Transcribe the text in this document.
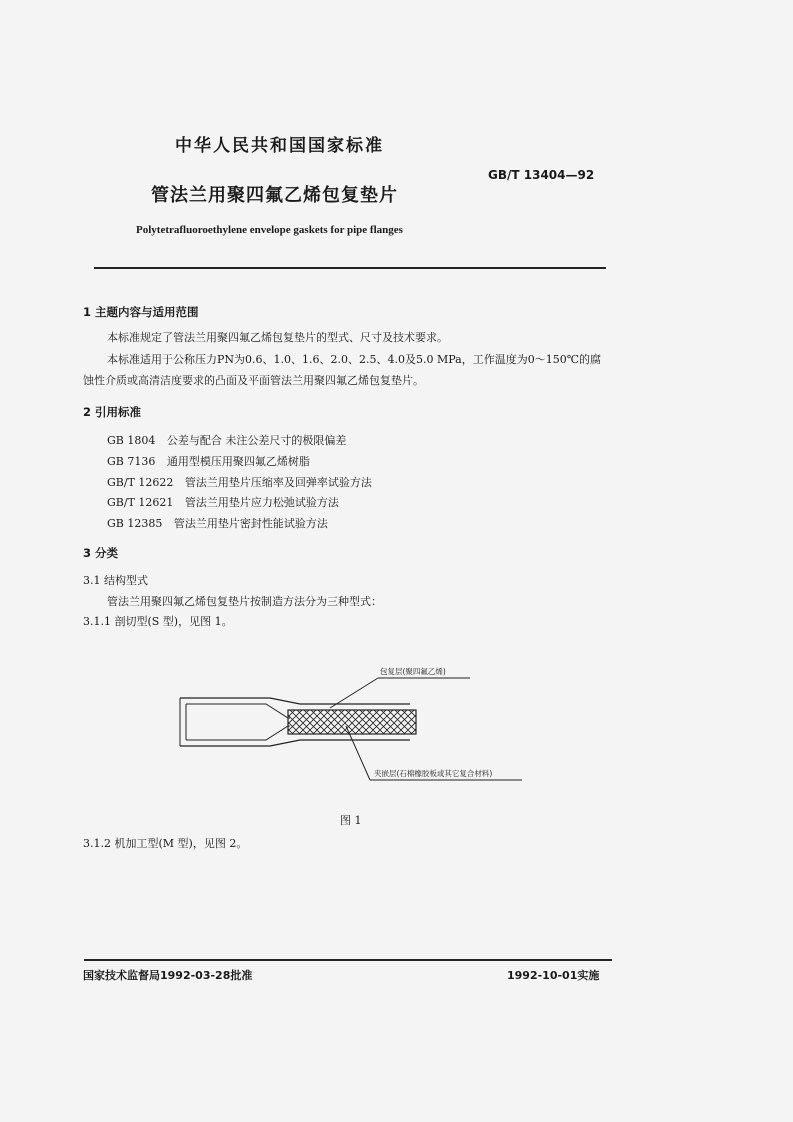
中华人民共和国国家标准
GB/T 13404—92
管法兰用聚四氟乙烯包复垫片
Polytetrafluoroethylene envelope gaskets for pipe flanges
1 主题内容与适用范围
本标准规定了管法兰用聚四氟乙烯包复垫片的型式、尺寸及技术要求。
本标准适用于公称压力PN为0.6、1.0、1.6、2.0、2.5、4.0及5.0 MPa，工作温度为0～150℃的腐
蚀性介质或高清洁度要求的凸面及平面管法兰用聚四氟乙烯包复垫片。
2 引用标准
GB 1804 公差与配合 未注公差尺寸的极限偏差
GB 7136 通用型模压用聚四氟乙烯树脂
GB/T 12622 管法兰用垫片压缩率及回弹率试验方法
GB/T 12621 管法兰用垫片应力松弛试验方法
GB 12385 管法兰用垫片密封性能试验方法
3 分类
3.1 结构型式
管法兰用聚四氟乙烯包复垫片按制造方法分为三种型式：
3.1.1 剖切型(S 型)，见图 1。
包复层(聚四氟乙烯)
夹嵌层(石棉橡胶板或其它复合材料)
图 1
3.1.2 机加工型(M 型)，见图 2。
国家技术监督局1992-03-28批准	1992-10-01实施
